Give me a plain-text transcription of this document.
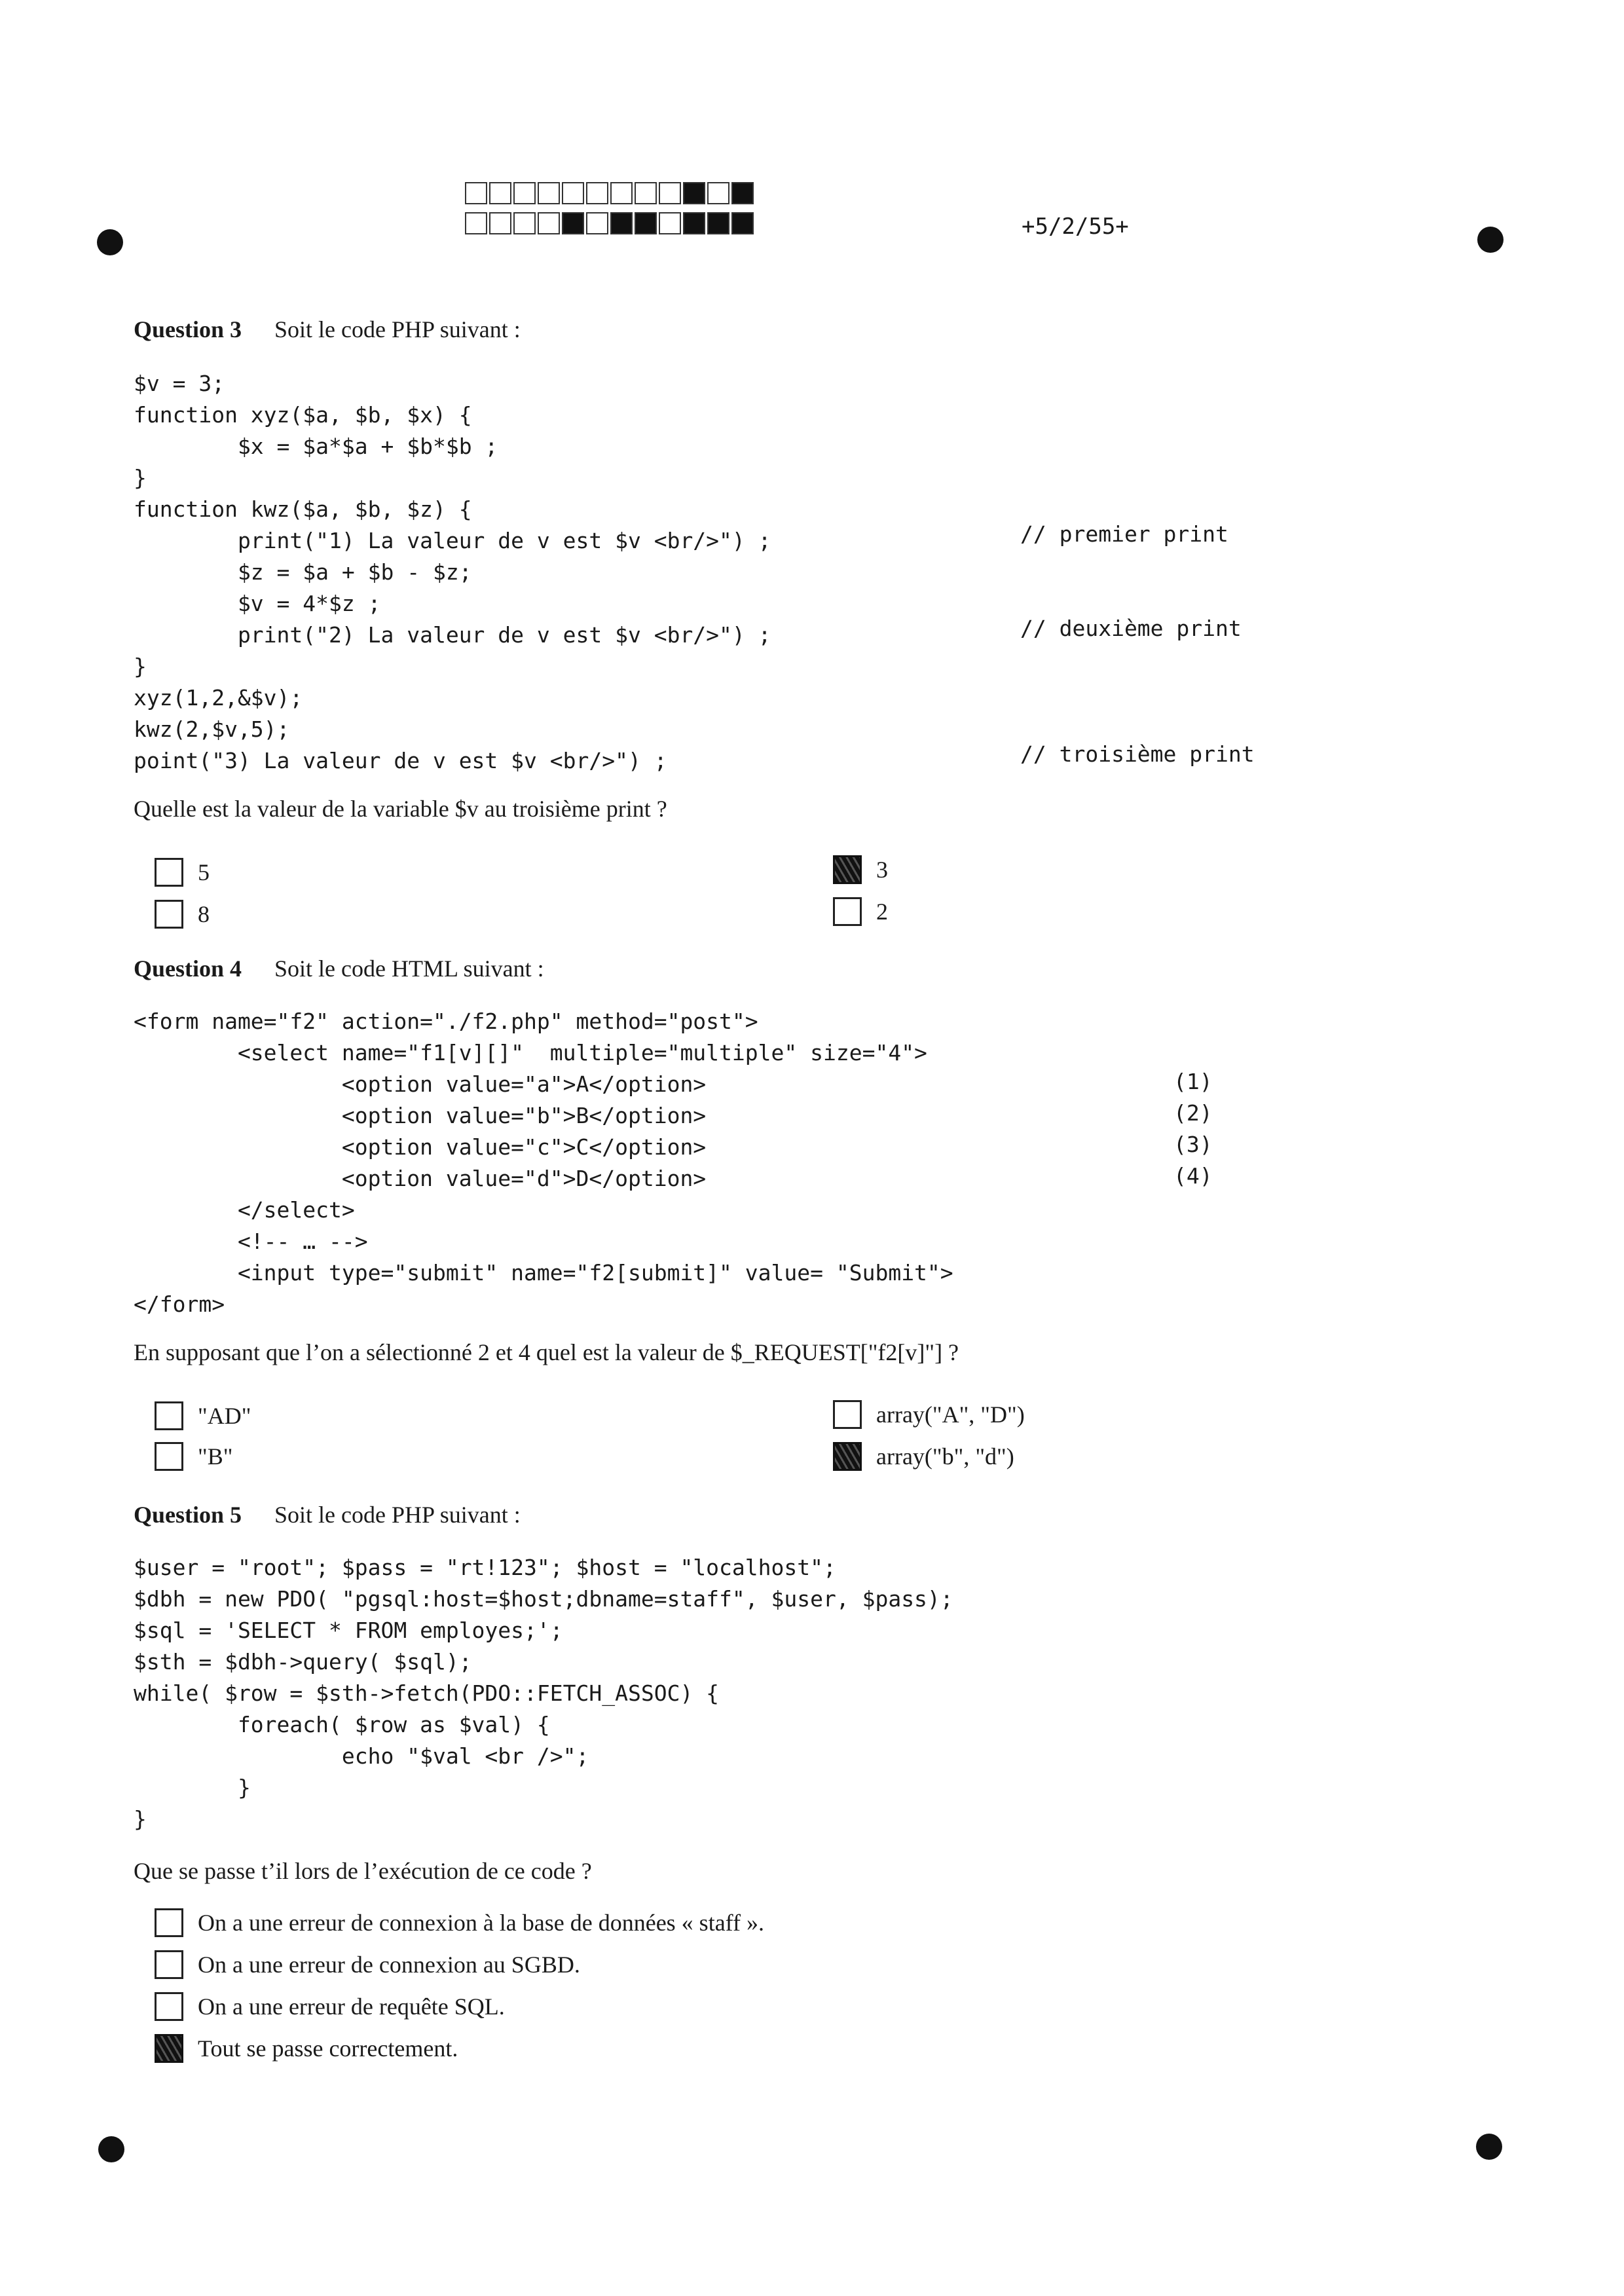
+5/2/55+
Question 3 Soit le code PHP suivant :
$v = 3;
function xyz($a, $b, $x) {
$x = $a*$a + $b*$b ;
}
function kwz($a, $b, $z) {
print("1) La valeur de v est $v <br/>") ;
$z = $a + $b - $z;
$v = 4*$z ;
print("2) La valeur de v est $v <br/>") ;
}
xyz(1,2,&$v);
kwz(2,$v,5);
point("3) La valeur de v est $v <br/>") ;
// premier print
// deuxième print
// troisième print
Quelle est la valeur de la variable $v au troisième print ?
5	3
8	2
Question 4 Soit le code HTML suivant :
<form name="f2" action="./f2.php" method="post">
<select name="f1[v][]"  multiple="multiple" size="4">
<option value="a">A</option>
<option value="b">B</option>
<option value="c">C</option>
<option value="d">D</option>
</select>
<!-- … -->
<input type="submit" name="f2[submit]" value= "Submit">
</form>
(1)
(2)
(3)
(4)
En supposant que l’on a sélectionné 2 et 4 quel est la valeur de $_REQUEST["f2[v]"] ?
"AD"	array("A", "D")
"B"	array("b", "d")
Question 5 Soit le code PHP suivant :
$user = "root"; $pass = "rt!123"; $host = "localhost";
$dbh = new PDO( "pgsql:host=$host;dbname=staff", $user, $pass);
$sql = 'SELECT * FROM employes;';
$sth = $dbh->query( $sql);
while( $row = $sth->fetch(PDO::FETCH_ASSOC) {
foreach( $row as $val) {
echo "$val <br />";
}
}
Que se passe t’il lors de l’exécution de ce code ?
On a une erreur de connexion à la base de données « staff ».
On a une erreur de connexion au SGBD.
On a une erreur de requête SQL.
Tout se passe correctement.
